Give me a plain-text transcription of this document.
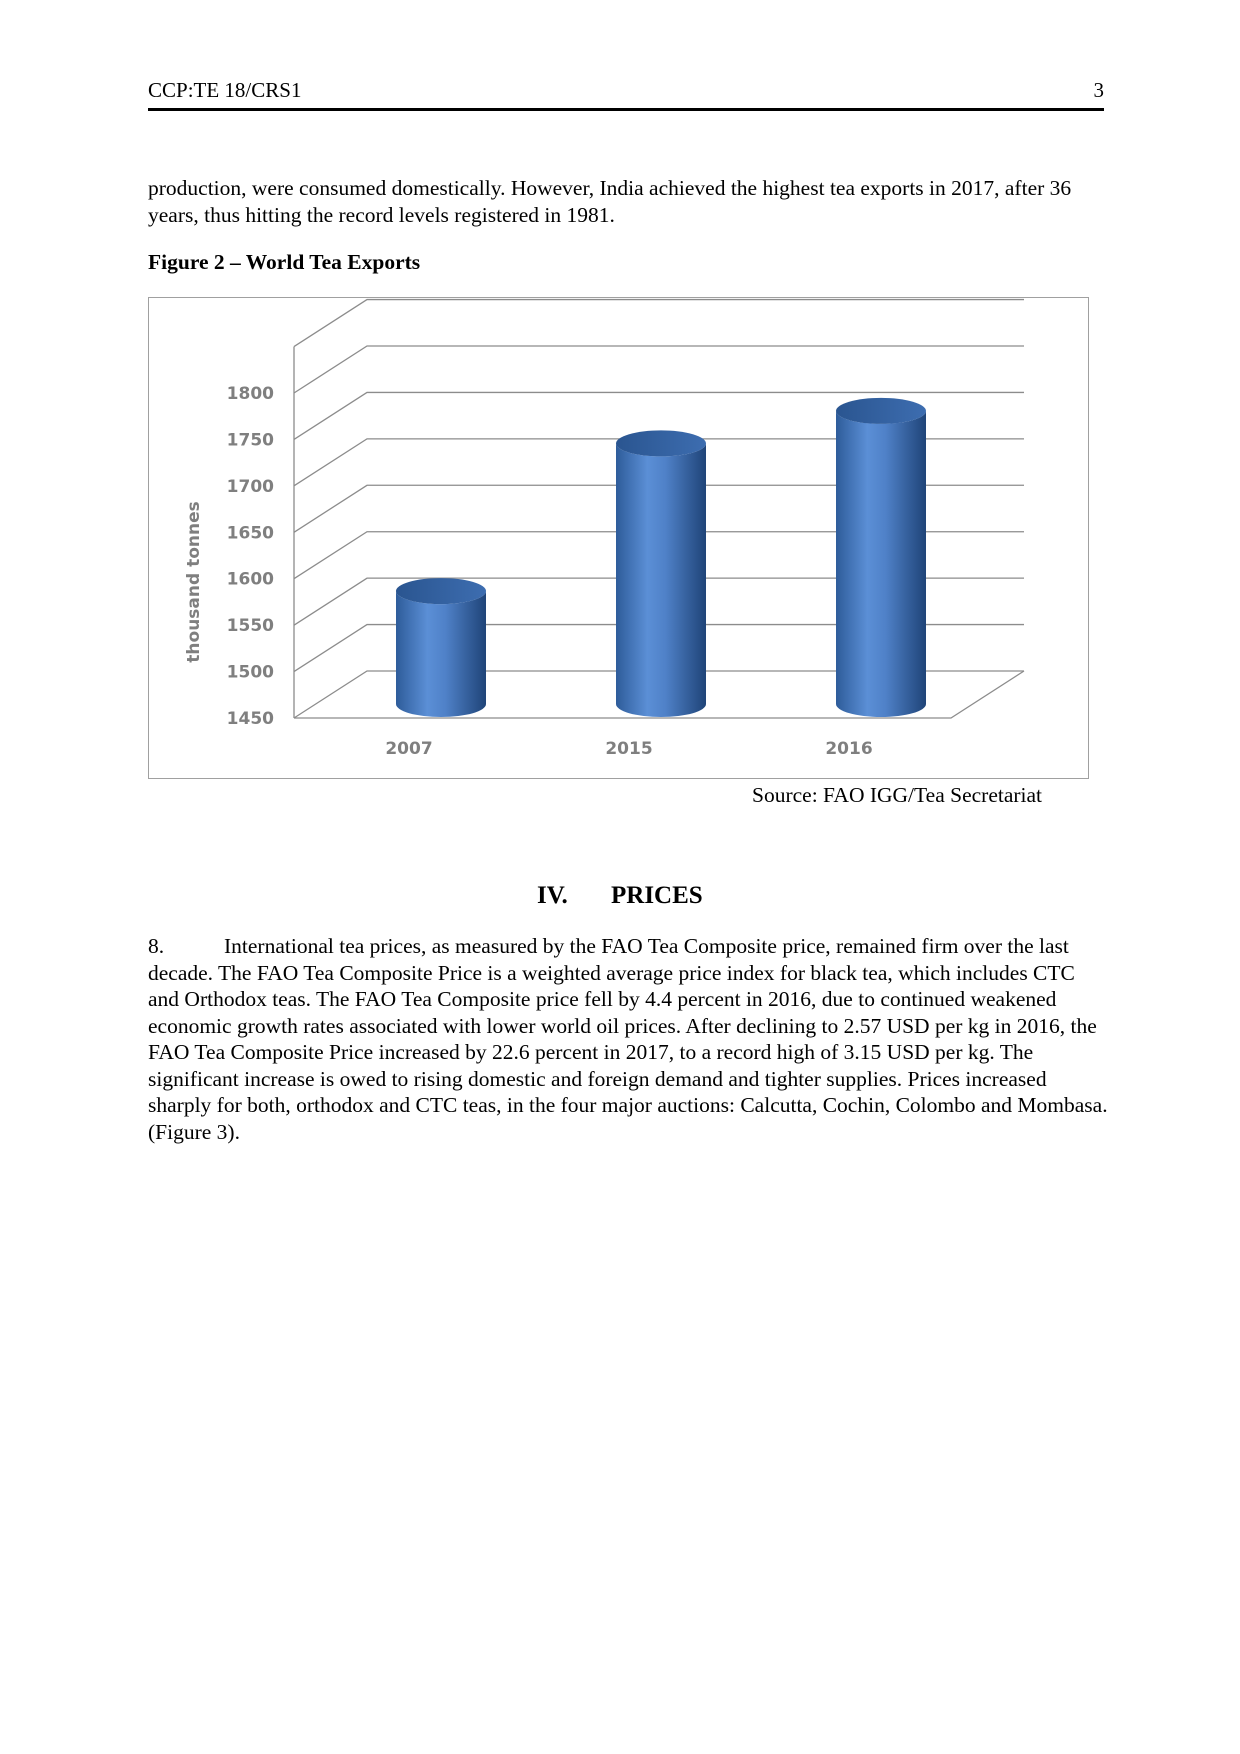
CCP:TE 18/CRS1	3
production, were consumed domestically. However, India achieved the highest tea exports in 2017, after 36 years, thus hitting the record levels registered in 1981.
Figure 2 – World Tea Exports
1450
1500
1550
1600
1650
1700
1750
1800
2007	2015	2016
thousand tonnes
Source: FAO IGG/Tea Secretariat
IV. PRICES
8.	International tea prices, as measured by the FAO Tea Composite price, remained firm over the last decade. The FAO Tea Composite Price is a weighted average price index for black tea, which includes CTC and Orthodox teas. The FAO Tea Composite price fell by 4.4 percent in 2016, due to continued weakened economic growth rates associated with lower world oil prices. After declining to 2.57 USD per kg in 2016, the FAO Tea Composite Price increased by 22.6 percent in 2017, to a record high of 3.15 USD per kg. The significant increase is owed to rising domestic and foreign demand and tighter supplies. Prices increased sharply for both, orthodox and CTC teas, in the four major auctions: Calcutta, Cochin, Colombo and Mombasa. (Figure 3).
